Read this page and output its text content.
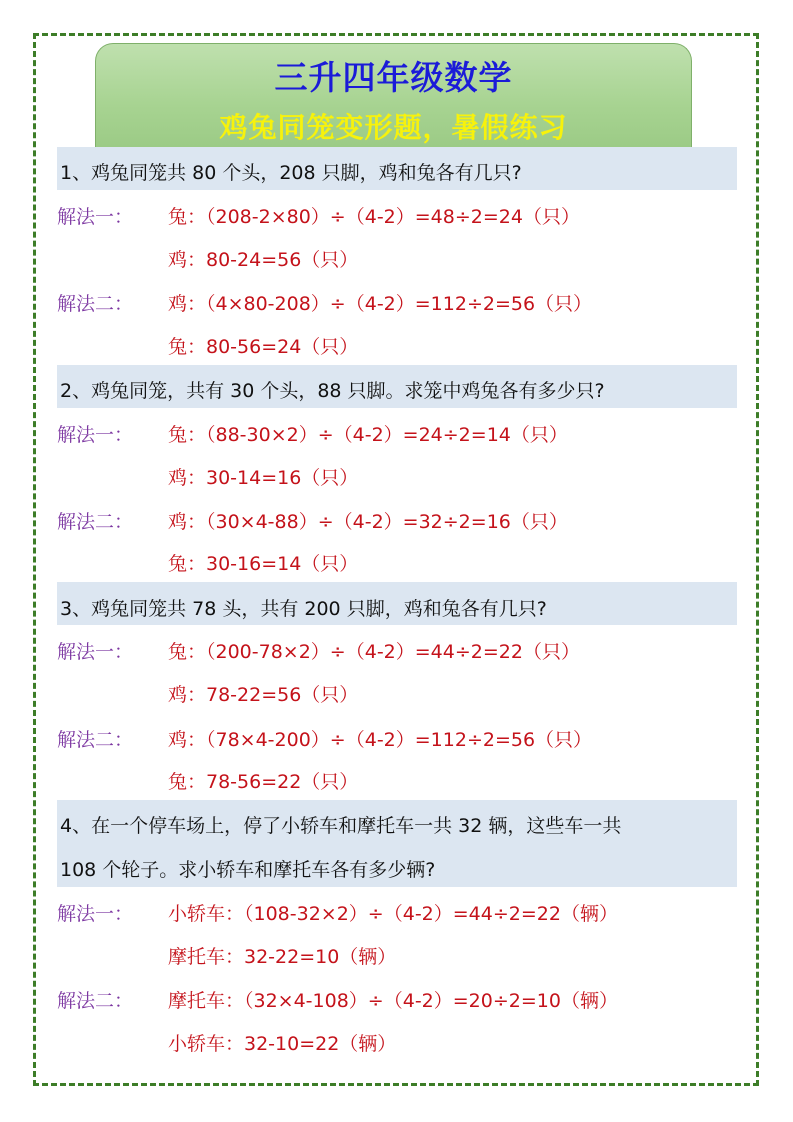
三升四年级数学
鸡兔同笼变形题，暑假练习
1、鸡兔同笼共 80 个头，208 只脚，鸡和兔各有几只?
解法一： 兔：（208-2×80）÷（4-2）=48÷2=24（只）
鸡：80-24=56（只）
解法二： 鸡：（4×80-208）÷（4-2）=112÷2=56（只）
兔：80-56=24（只）
2、鸡兔同笼，共有 30 个头，88 只脚。求笼中鸡兔各有多少只?
解法一： 兔：（88-30×2）÷（4-2）=24÷2=14（只）
鸡：30-14=16（只）
解法二： 鸡：（30×4-88）÷（4-2）=32÷2=16（只）
兔：30-16=14（只）
3、鸡兔同笼共 78 头，共有 200 只脚，鸡和兔各有几只?
解法一： 兔：（200-78×2）÷（4-2）=44÷2=22（只）
鸡：78-22=56（只）
解法二： 鸡：（78×4-200）÷（4-2）=112÷2=56（只）
兔：78-56=22（只）
4、在一个停车场上，停了小轿车和摩托车一共 32 辆，这些车一共
108 个轮子。求小轿车和摩托车各有多少辆?
解法一： 小轿车：（108-32×2）÷（4-2）=44÷2=22（辆）
摩托车：32-22=10（辆）
解法二： 摩托车：（32×4-108）÷（4-2）=20÷2=10（辆）
小轿车：32-10=22（辆）
